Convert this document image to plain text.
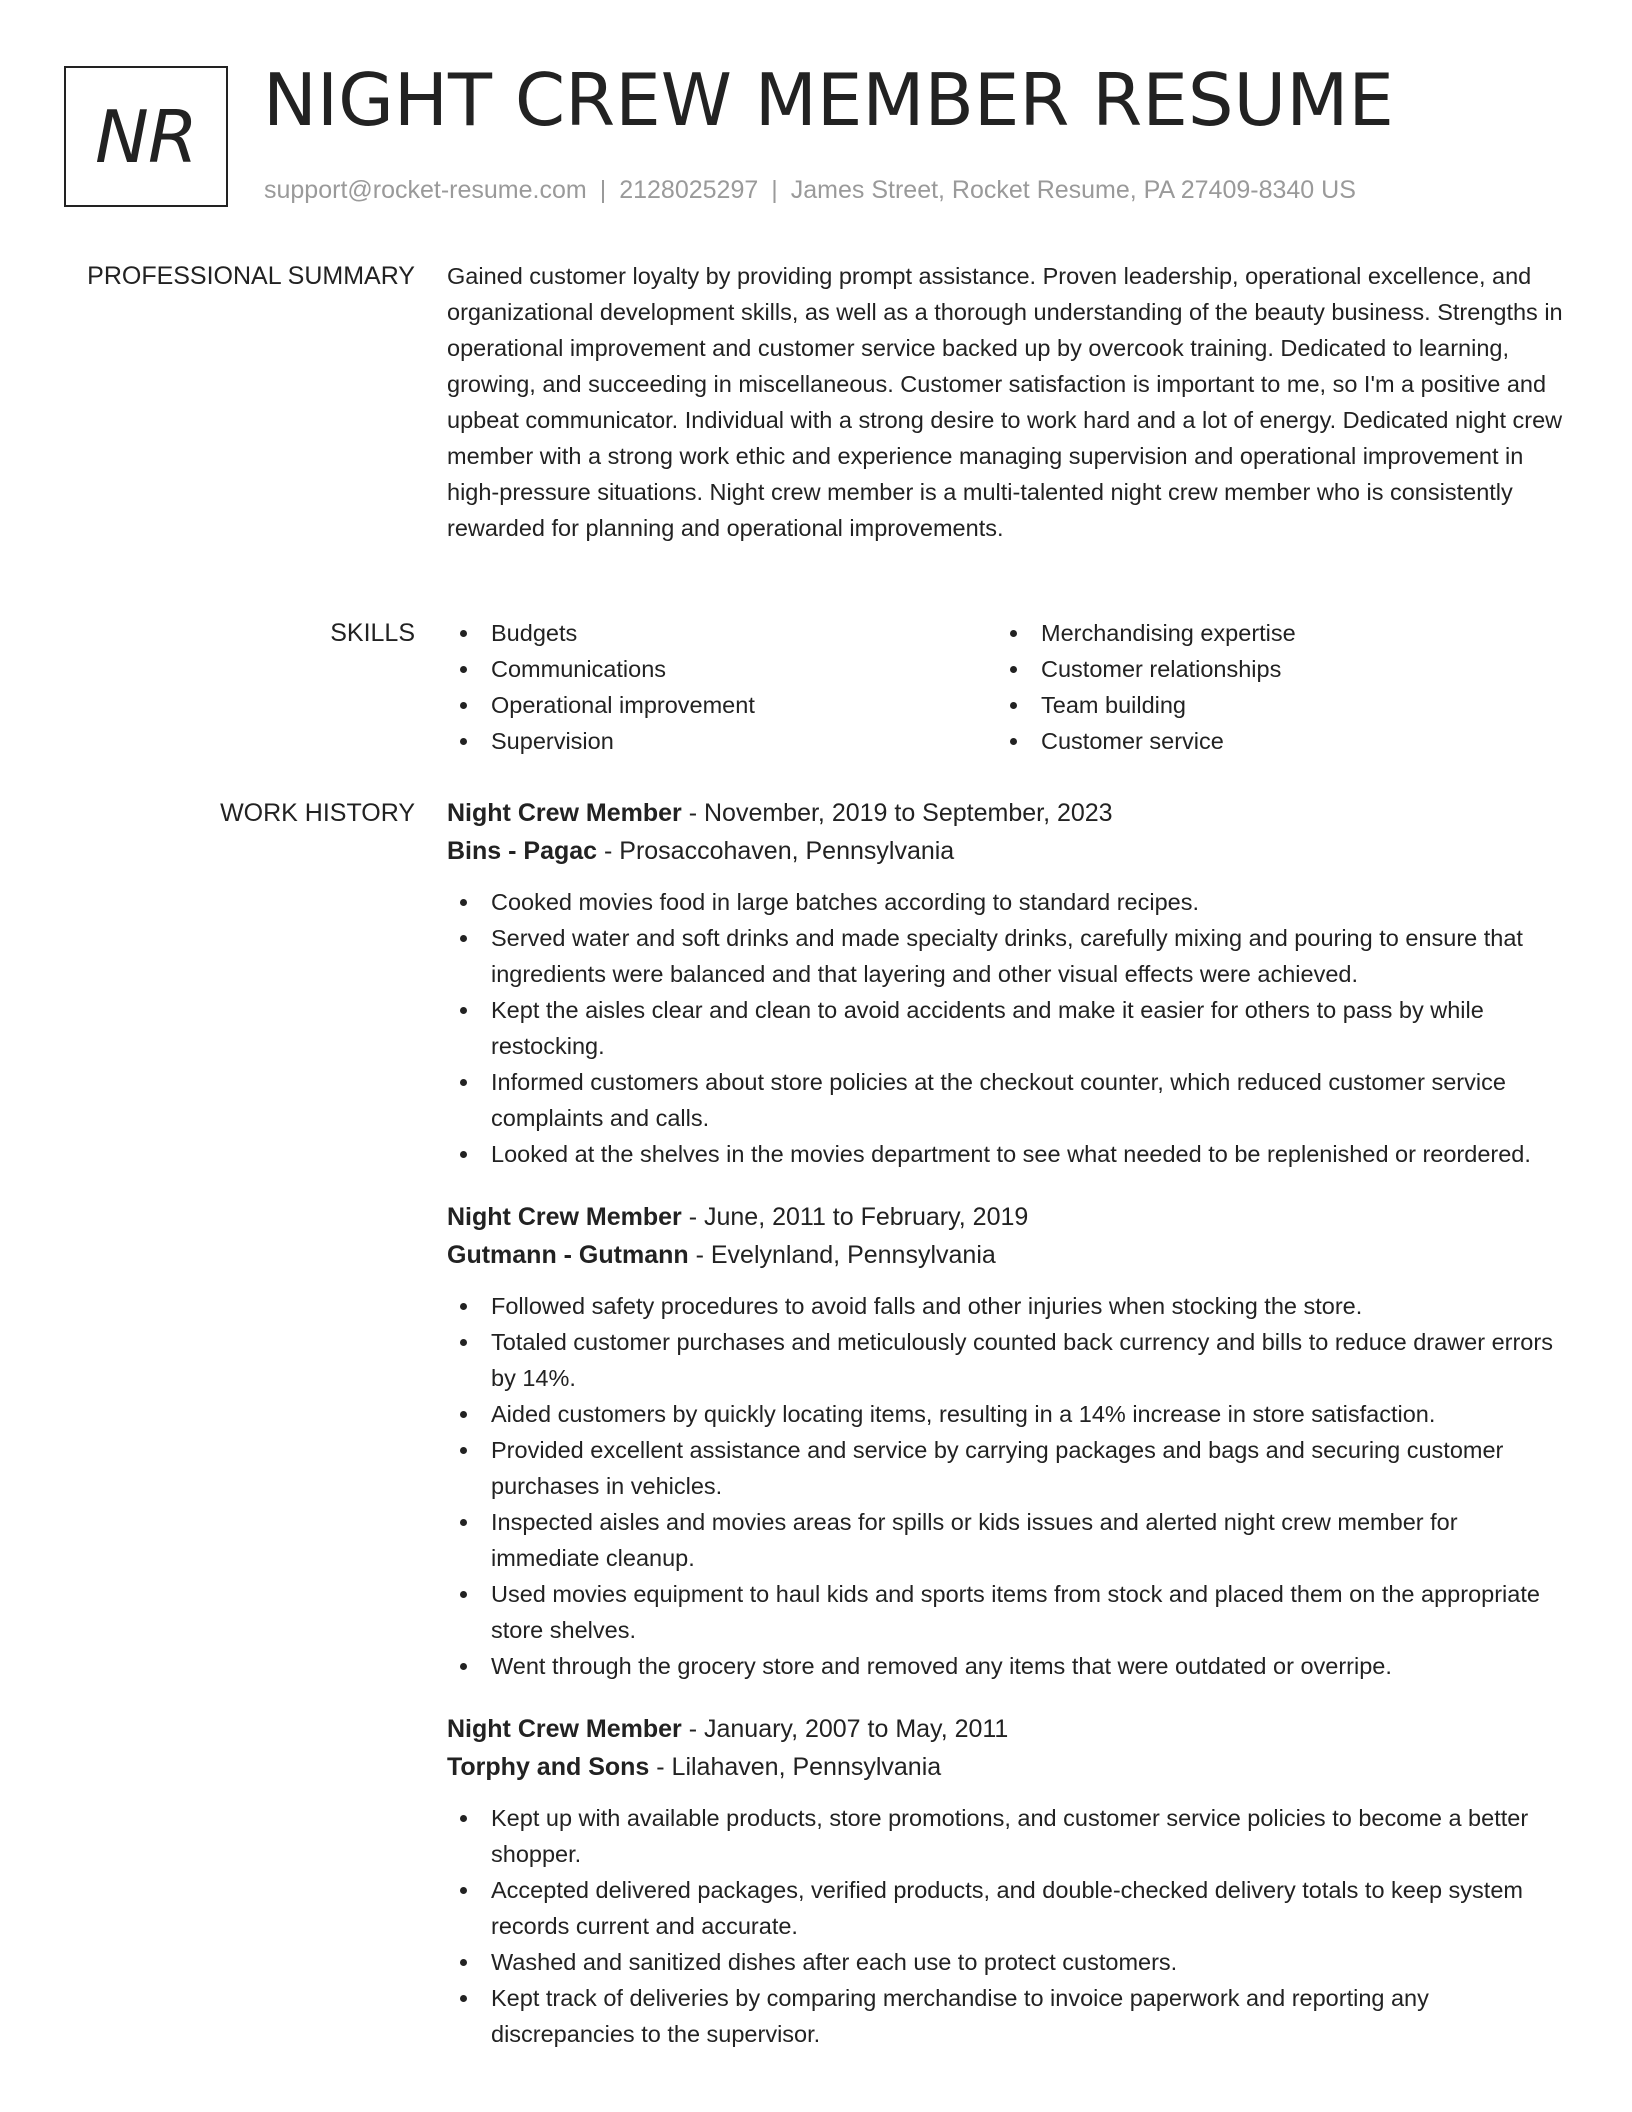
NR NIGHT CREW MEMBER RESUME
support@rocket-resume.com | 2128025297 | James Street, Rocket Resume, PA 27409-8340 US
PROFESSIONAL SUMMARY Gained customer loyalty by providing prompt assistance. Proven leadership, operational excellence, and organizational development skills, as well as a thorough understanding of the beauty business. Strengths in operational improvement and customer service backed up by overcook training. Dedicated to learning, growing, and succeeding in miscellaneous. Customer satisfaction is important to me, so I'm a positive and upbeat communicator. Individual with a strong desire to work hard and a lot of energy. Dedicated night crew member with a strong work ethic and experience managing supervision and operational improvement in high-pressure situations. Night crew member is a multi-talented night crew member who is consistently rewarded for planning and operational improvements.

SKILLS	Budgets
Communications
Operational improvement
Supervision
Merchandising expertise
Customer relationships
Team building
Customer service
WORK HISTORY Night Crew Member - November, 2019 to September, 2023
Bins - Pagac - Prosaccohaven, Pennsylvania
Cooked movies food in large batches according to standard recipes.
Served water and soft drinks and made specialty drinks, carefully mixing and pouring to ensure that ingredients were balanced and that layering and other visual effects were achieved.
Kept the aisles clear and clean to avoid accidents and make it easier for others to pass by while restocking.
Informed customers about store policies at the checkout counter, which reduced customer service complaints and calls.
Looked at the shelves in the movies department to see what needed to be replenished or reordered.
Night Crew Member - June, 2011 to February, 2019
Gutmann - Gutmann - Evelynland, Pennsylvania
Followed safety procedures to avoid falls and other injuries when stocking the store.
Totaled customer purchases and meticulously counted back currency and bills to reduce drawer errors by 14%.
Aided customers by quickly locating items, resulting in a 14% increase in store satisfaction.
Provided excellent assistance and service by carrying packages and bags and securing customer purchases in vehicles.
Inspected aisles and movies areas for spills or kids issues and alerted night crew member for immediate cleanup.
Used movies equipment to haul kids and sports items from stock and placed them on the appropriate store shelves.
Went through the grocery store and removed any items that were outdated or overripe.
Night Crew Member - January, 2007 to May, 2011
Torphy and Sons - Lilahaven, Pennsylvania
Kept up with available products, store promotions, and customer service policies to become a better shopper.
Accepted delivered packages, verified products, and double-checked delivery totals to keep system records current and accurate.
Washed and sanitized dishes after each use to protect customers.
Kept track of deliveries by comparing merchandise to invoice paperwork and reporting any discrepancies to the supervisor.
